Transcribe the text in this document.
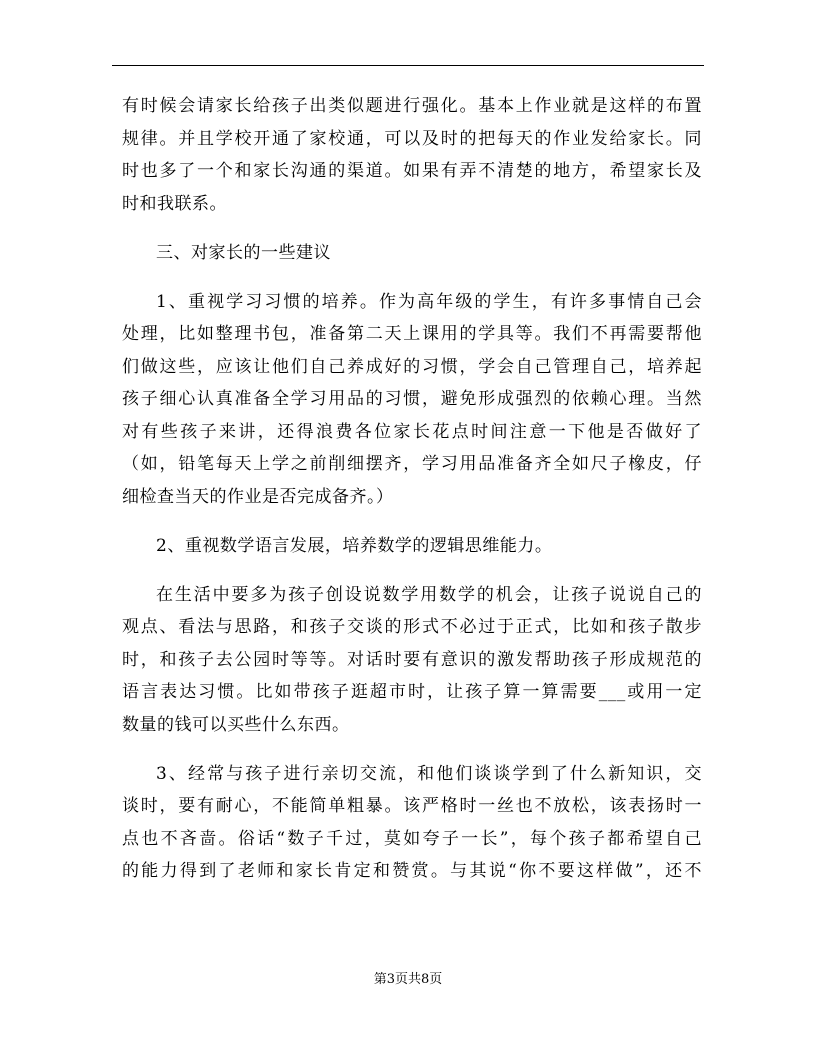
有时候会请家长给孩子出类似题进行强化。基本上作业就是这样的布置
规律。并且学校开通了家校通，可以及时的把每天的作业发给家长。同
时也多了一个和家长沟通的渠道。如果有弄不清楚的地方，希望家长及
时和我联系。
三、对家长的一些建议
1、重视学习习惯的培养。作为高年级的学生，有许多事情自己会
处理，比如整理书包，准备第二天上课用的学具等。我们不再需要帮他
们做这些，应该让他们自己养成好的习惯，学会自己管理自己，培养起
孩子细心认真准备全学习用品的习惯，避免形成强烈的依赖心理。当然
对有些孩子来讲，还得浪费各位家长花点时间注意一下他是否做好了
（如，铅笔每天上学之前削细摆齐，学习用品准备齐全如尺子橡皮，仔
细检查当天的作业是否完成备齐。）
2、重视数学语言发展，培养数学的逻辑思维能力。
在生活中要多为孩子创设说数学用数学的机会，让孩子说说自己的
观点、看法与思路，和孩子交谈的形式不必过于正式，比如和孩子散步
时，和孩子去公园时等等。对话时要有意识的激发帮助孩子形成规范的
语言表达习惯。比如带孩子逛超市时，让孩子算一算需要___或用一定
数量的钱可以买些什么东西。
3、经常与孩子进行亲切交流，和他们谈谈学到了什么新知识，交
谈时，要有耐心，不能简单粗暴。该严格时一丝也不放松，该表扬时一
点也不吝啬。俗话“数子千过，莫如夸子一长”，每个孩子都希望自己
的能力得到了老师和家长肯定和赞赏。与其说“你不要这样做”，还不
第3页共8页
